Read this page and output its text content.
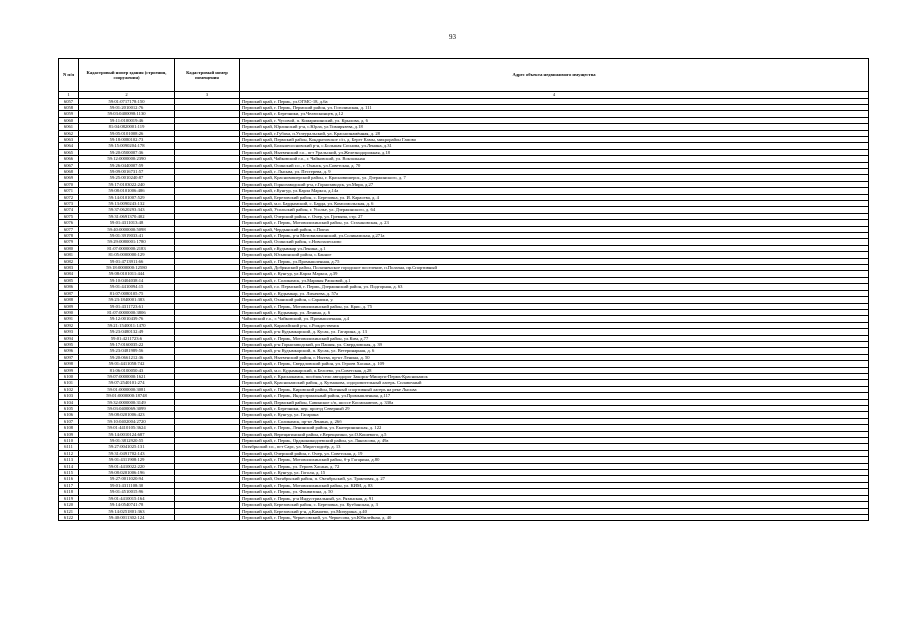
93
N п/п	Кадастровый номер здания (строения, сооружения)	Кадастровый номер помещения	Адрес объекта недвижимого имущества
1	2	3	4
6057	59:01:0717178:150		Пермский край, г. Пермь, ул.ОГМС-18, д.6а
6058	59:01:2010012:76		Пермский край, г. Пермь, Пермский район, ул. Гоголинская, д. 111
6059	59:03:0400098:1130		Пермский край, г. Березники, ул.Челюскинцев, д.12
6060	59:11:0100019:46		Пермский край, г. Чусовой, п. Комарихинский, ул. Крылова, д. 6
6061	81:04:0820001:119		Пермский край, Юрлинский р-н, с.Юрла, ул.Тимирязева, д.18
6062	59:05:0101008:26		Пермский край, г.Губаха, п.Углеуральский, ул. Краснознамённая, д. 28
6063	59:18:0080102:73		Пермский край, Пермский район, Кондратовское с/п, д. Берег Камы, микрорайон Гамово
6064	59:15:0090204:178		Пермский край, Большесосновский р-н, с.Большая Соснова, ул.Ленина, д.31
6065	59:20:0500007:36		Пермский край, Нытвенский г.о., пгт Уральский, ул.Железнодорожная, д.18
6066	59:12:0000000:2390		Пермский край, Чайковский г.о., г. Чайковский, ул. Вокзальная
6067	59:26:0440007:59		Пермский край, Осинский г.о., г. Оханск, ул.Советская, д. 70
6068	59:09:0016731:57		Пермский край, г. Лысьва, ул. Пестерева, д. 9
6069	59:25:0010240:87		Пермский край, Красновишерский район, г. Красновишерск, ул. Дзержинского, д. 7
6070	59:17:0103022:240		Пермский край, Горнозаводский р-н, г.Горнозаводск, ул.Мира, д.27
6071	59:08:0101006:486		Пермский край, г.Кунгур, ул.Карла Маркса, д.14а
6072	59:14:0101007:529		Пермский край, Березовский район, с. Березовка, ул. И. Карасева, д. 4
6073	59:13:0090243:132		Пермский край, м.о. Бардымский, с. Барда, ул. Комсомольская, д. 6
6074	59:37:0620293:343		Пермский край, Усольский район, г. Усолье, ул. Дзержинского, д. 64
6075	59:31:0691370:402		Пермский край, Очерский район, г. Очер, ул. Гремяча, стр. 27
6076	59:01:4311013:48		Пермский край, г. Пермь, Мотовилихинский район, ул. Стахановская, д. 23
6077	59:40:0000000:5098		Пермский край, Чердынский район, с.Покча
6078	59:01:3919033:41		Пермский край, г. Пермь, р-н Мотовилихинский, ул.Соликамская, д.271а
6079	59:29:0080001:1780		Пермский край, Осинский район, с.Новозалесново
6080	81:07:0000000:2183		Пермский край, г.Кудымкар ул.Ленина, д.1
6081	81:05:0000000:129		Пермский край, Юсьвинский район, с.Банное
6082	59:01:4713911:66		Пермский край, г. Пермь, ул.Промышленная, д.75
6083	59:18:0000000:12580		Пермский край, Добрянский район, Полазненское городское поселение, п.Полазна, пр.Спортивный
6084	59:08:0101011:444		Пермский край, г. Кунгур, ул.Карла Маркса, д.39
6085	59:10:0404038:14		Пермский край, г. Соликамск, ул.Марины Расковой, д.1
6086	59:01:4410094:15		Пермский край, г.о. Пермский, г. Пермь, Дзержинский район, ул. Подгорная, д. 63
6087	81:07:0080105:75		Пермский край, г. Кудымкар, ул. Лихачева, д. 57а
6088	59:23:1840001:383		Пермский край, Оханский район, с.Сарапки, у.
6089	59:01:4311723:61		Пермский край, г. Пермь, Мотовилихинский район, ул. Крис, д. 75
6090	81:07:0000000:3806		Пермский край, г. Кудымкар, ул. Ленина, д. 6
6091	59:12:0010439:76		Чайковский г.о., г. Чайковский, ул. Промышленная, д.4
6092	59:21:1540011:1470		Пермский край, Карагайский р-н, с.Рождественск
6093	59:23:0480132:49		Пермский край, р-н Кудымкарский, д. Кусак, ул. Гагарина, д. 13
6094	59:01:4211723:6		Пермский край, г. Пермь, Мотовилихинский район, ул.Ким, д.77
6095	59:17:0160035:22		Пермский край, р-н Горнозаводский, рп Пашия, ул. Свердловская, д. 39
6096	59:23:0481989:56		Пермский край, р-н Кудымкарский, п. Кусак, ул. Ветеринарная, д. 6
6097	59:20:0661212:36		Пермский край, Нытвенский район, г. Нытва, пр-кт Ленина, д. 50
6098	59:01:4411058:742		Пермский край, г. Пермь, Свердловский район, ул. Героев Хасана, д. 109
6099	81:06:0100050:43		Пермский край, м.о. Кудымкарский, п.Белоево, ул.Советская, д.28
6100	59:07:0000000:1621		Пермский край, г. Краснокамск, посёлок/село автодорог Закорск-Мишуги-Пермь-Краснокамск
6101	59:07:2540101:274		Пермский край, Краснокамский район, д. Кузмакова, оздоровительный лагерь. Сплавочный
6102	59:01:0000000:3081		Пермский край, г. Пермь, Кировский район, Военный спортивный лагерь на реке Лысьва
6103	59:01:0000000:18748		Пермский край, г. Пермь, Индустриальный район, ул.Промышленная, д.117
6104	59:32:0000000:3149		Пермский край, Пермский район, Савинское с/п, шоссе Космонавтов, д. 330а
6105	59:03:0400069:3099		Пермский край, г. Березники, пер. проезд Северный 29
6106	59:08:0201006:423		Пермский край, г. Кунгур, ул. Гагарина
6107	59:10:0402004:2720		Пермский край, г. Соликамск, пр-кт Ленина, д. 26б
6108	59:01:4410105:3624		Пермский край, г. Пермь, Ленинский район, ул. Екатерининская, д. 122
6109	59:14:0010124:687		Пермский край, Верещагинский район, г.Верещагино, ул.О.Кошевого, д.5
6110	59:01:3812920:55		Пермский край, г. Пермь, Орджоникидзевский район, ул. Лянгасова, д. 49а
6111	59:27:0041025:131		Октябрьский г.о., пгт Сарс, ул. Мира-подпёр, д. 13
6112	59:31:0491702:143		Пермский край, Очерский район, г. Очер, ул. Советская, д. 19
6113	59:01:4311908:129		Пермский край, г. Пермь, Мотовилихинский район, б-р Гагарина, д.80
6114	59:01:4410022:220		Пермский край, г. Пермь, ул. Героев Хасана, д. 72
6115	59:08:0201006:196		Пермский край, г. Кунгур, ул. Гоголя, д. 15
6116	59:27:0011020:94		Пермский край, Октябрьский район, п. Октябрьский, ул. Трактовая, д. 27
6117	59:01:4311108:30		Пермский край, г. Пермь, Мотовилихинский район, ул. КИМ, д. 83
6118	59:01:4510015:96		Пермский край, г. Пермь, ул. Фонвизина, д. 50
6119	59:01:4410015:164		Пермский край, г. Пермь, р-н Индустриальный, ул. Рязанская, д. 91
6120	59:14:0540741:78		Пермский край, Березовский район, с. Березовка, ул. Кутбанская, д. 3
6121	59:14:0251801:363		Пермский край, Березовский р-н, д.Камаево, ул.Мичурина, д.40
6122	59:40:0011302:124		Пермский край, г. Пермь, Черкесовский, ул. Черкесова, ул.Юбилейная, д. 40
